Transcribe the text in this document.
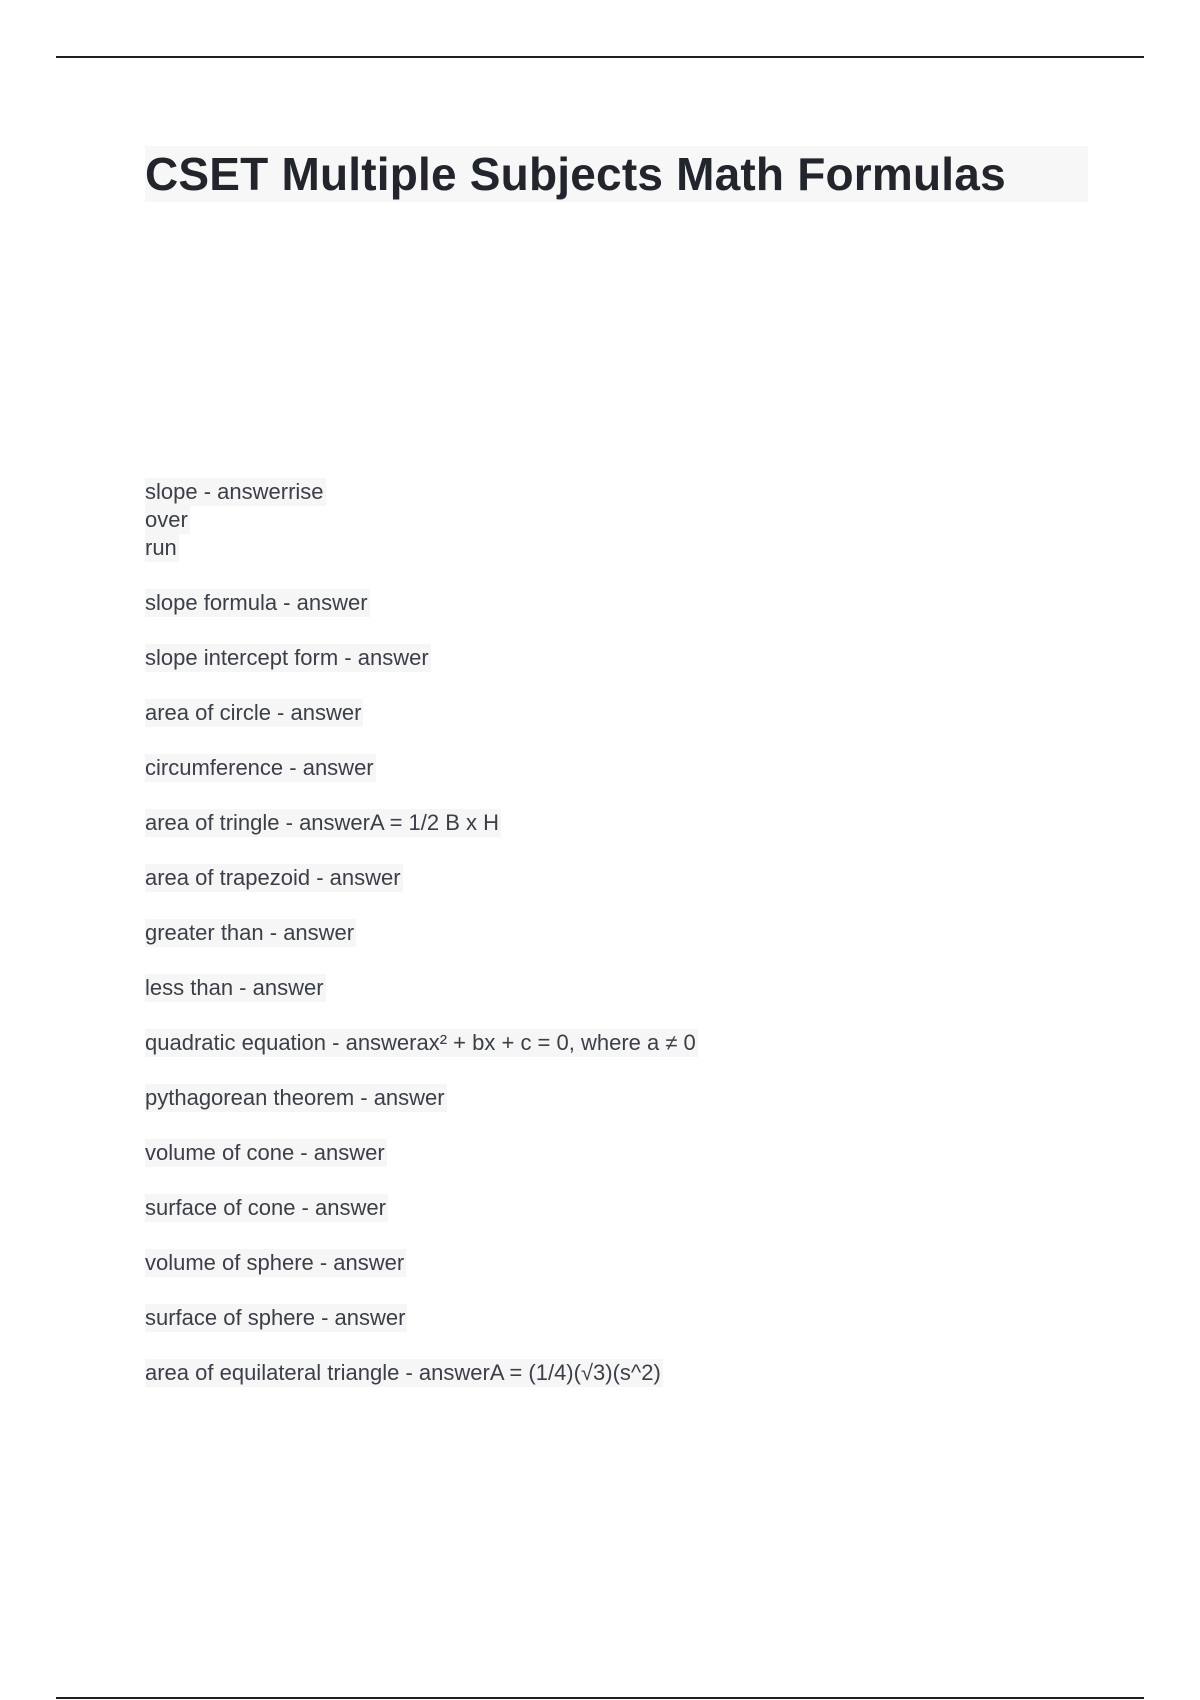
CSET Multiple Subjects Math Formulas
slope - answerrise
over
run
slope formula - answer
slope intercept form - answer
area of circle - answer
circumference - answer
area of tringle - answerA = 1/2 B x H
area of trapezoid - answer
greater than - answer
less than - answer
quadratic equation - answerax² + bx + c = 0, where a ≠ 0
pythagorean theorem - answer
volume of cone - answer
surface of cone - answer
volume of sphere - answer
surface of sphere - answer
area of equilateral triangle - answerA = (1/4)(√3)(s^2)
